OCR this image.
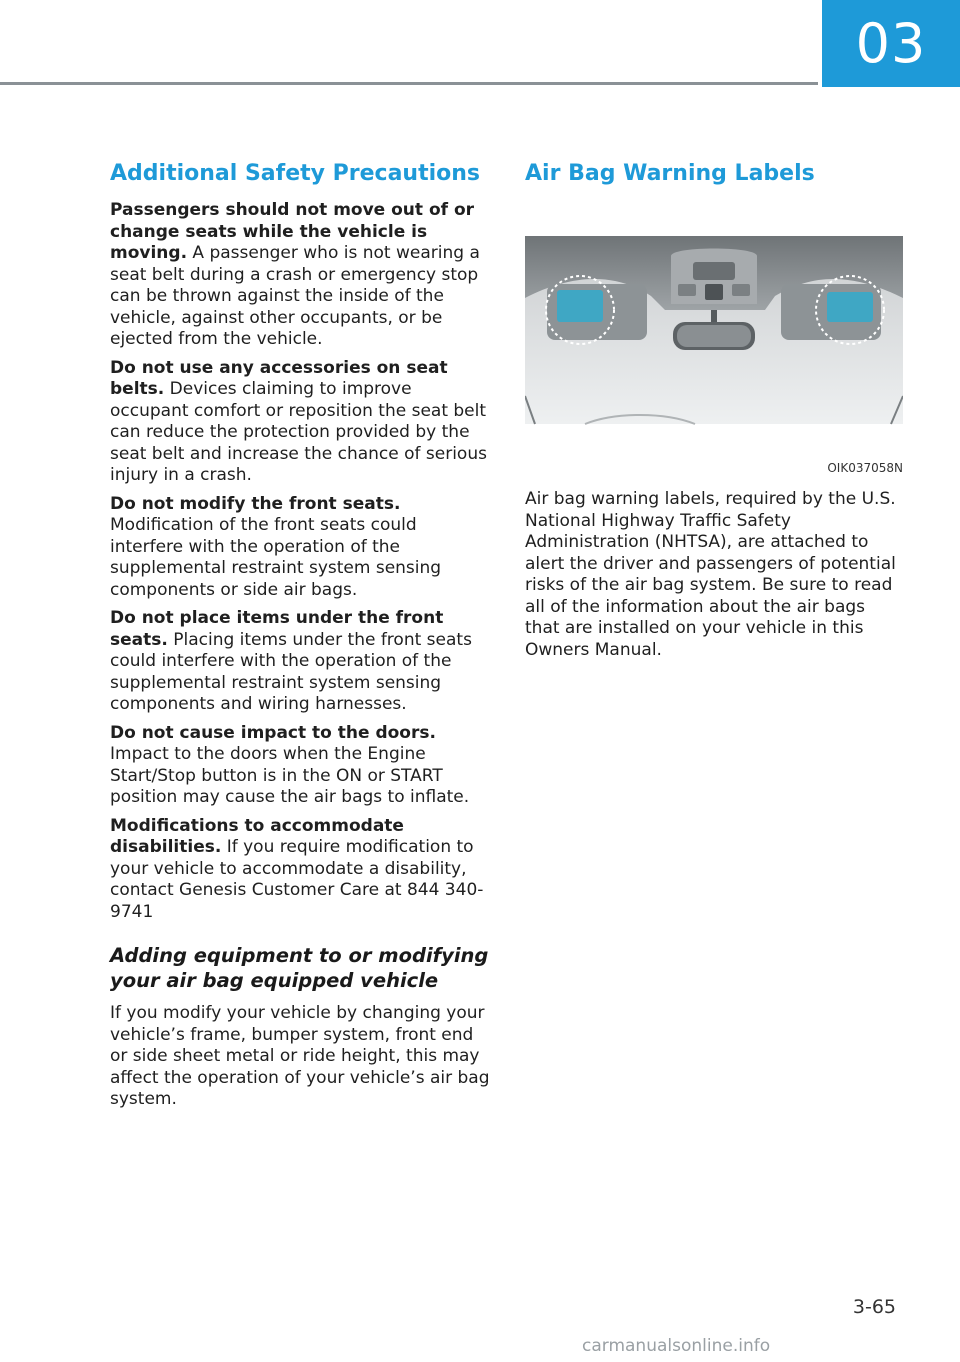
03
Additional Safety Precautions

Passengers should not move out of or change seats while the vehicle is moving. A passenger who is not wearing a seat belt during a crash or emergency stop can be thrown against the inside of the vehicle, against other occupants, or be ejected from the vehicle.

Do not use any accessories on seat belts. Devices claiming to improve occupant comfort or reposition the seat belt can reduce the protection provided by the seat belt and increase the chance of serious injury in a crash.

Do not modify the front seats. Modification of the front seats could interfere with the operation of the supplemental restraint system sensing components or side air bags.

Do not place items under the front seats. Placing items under the front seats could interfere with the operation of the supplemental restraint system sensing components and wiring harnesses.

Do not cause impact to the doors. Impact to the doors when the Engine Start/Stop button is in the ON or START position may cause the air bags to inflate.

Modifications to accommodate disabilities. If you require modification to your vehicle to accommodate a disability, contact Genesis Customer Care at 844 340-9741

Adding equipment to or modifying your air bag equipped vehicle

If you modify your vehicle by changing your vehicle’s frame, bumper system, front end or side sheet metal or ride height, this may affect the operation of your vehicle’s air bag system.

Air Bag Warning Labels
OIK037058N

Air bag warning labels, required by the U.S. National Highway Traffic Safety Administration (NHTSA), are attached to alert the driver and passengers of potential risks of the air bag system. Be sure to read all of the information about the air bags that are installed on your vehicle in this Owners Manual.

3-65
carmanualsonline.info
